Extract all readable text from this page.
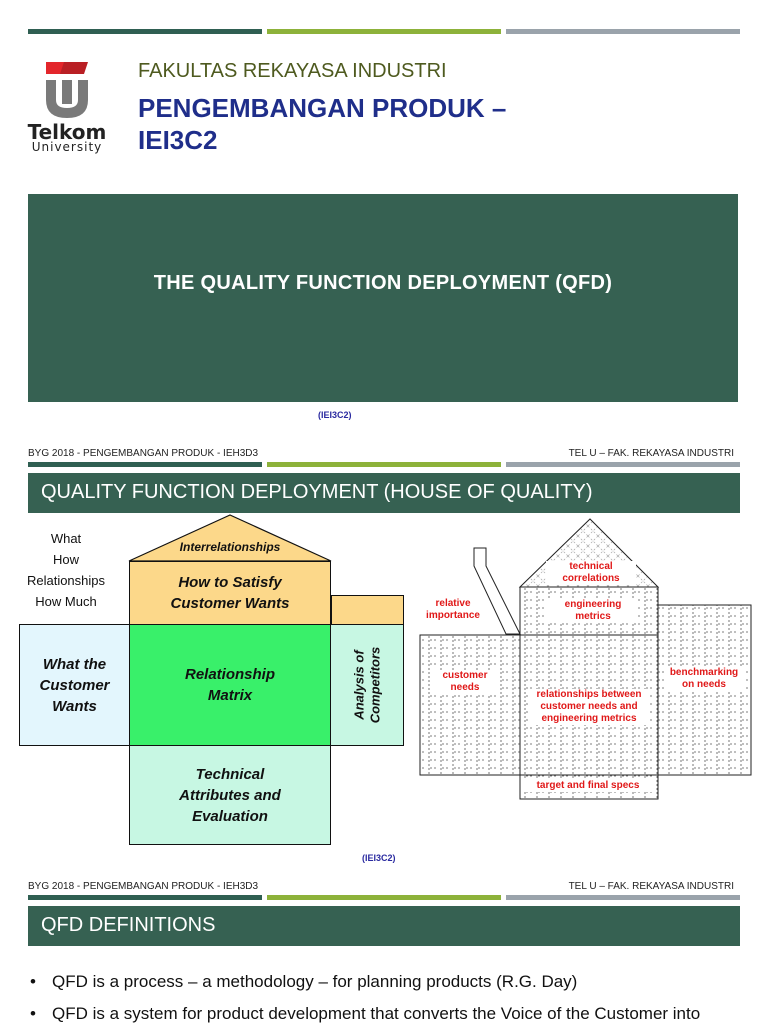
Telkom
University
FAKULTAS REKAYASA INDUSTRI
PENGEMBANGAN PRODUK –
IEI3C2
THE QUALITY FUNCTION DEPLOYMENT (QFD)
(IEI3C2)
BYG 2018 - PENGEMBANGAN PRODUK - IEH3D3	TEL U – FAK. REKAYASA INDUSTRI
QUALITY FUNCTION DEPLOYMENT (HOUSE OF QUALITY)
What
How
Relationships
How Much
Interrelationships
How to Satisfy Customer Wants
What the Customer Wants
Relationship Matrix	Analysis of Competitors
Technical Attributes and Evaluation
technical correlations
engineering metrics
relative importance
customer needs
relationships between customer needs and engineering metrics
benchmarking on needs
target and final specs
(IEI3C2)
BYG 2018 - PENGEMBANGAN PRODUK - IEH3D3	TEL U – FAK. REKAYASA INDUSTRI
QFD DEFINITIONS
• QFD is a process – a methodology – for planning products (R.G. Day)
• QFD is a system for product development that converts the Voice of the Customer into
